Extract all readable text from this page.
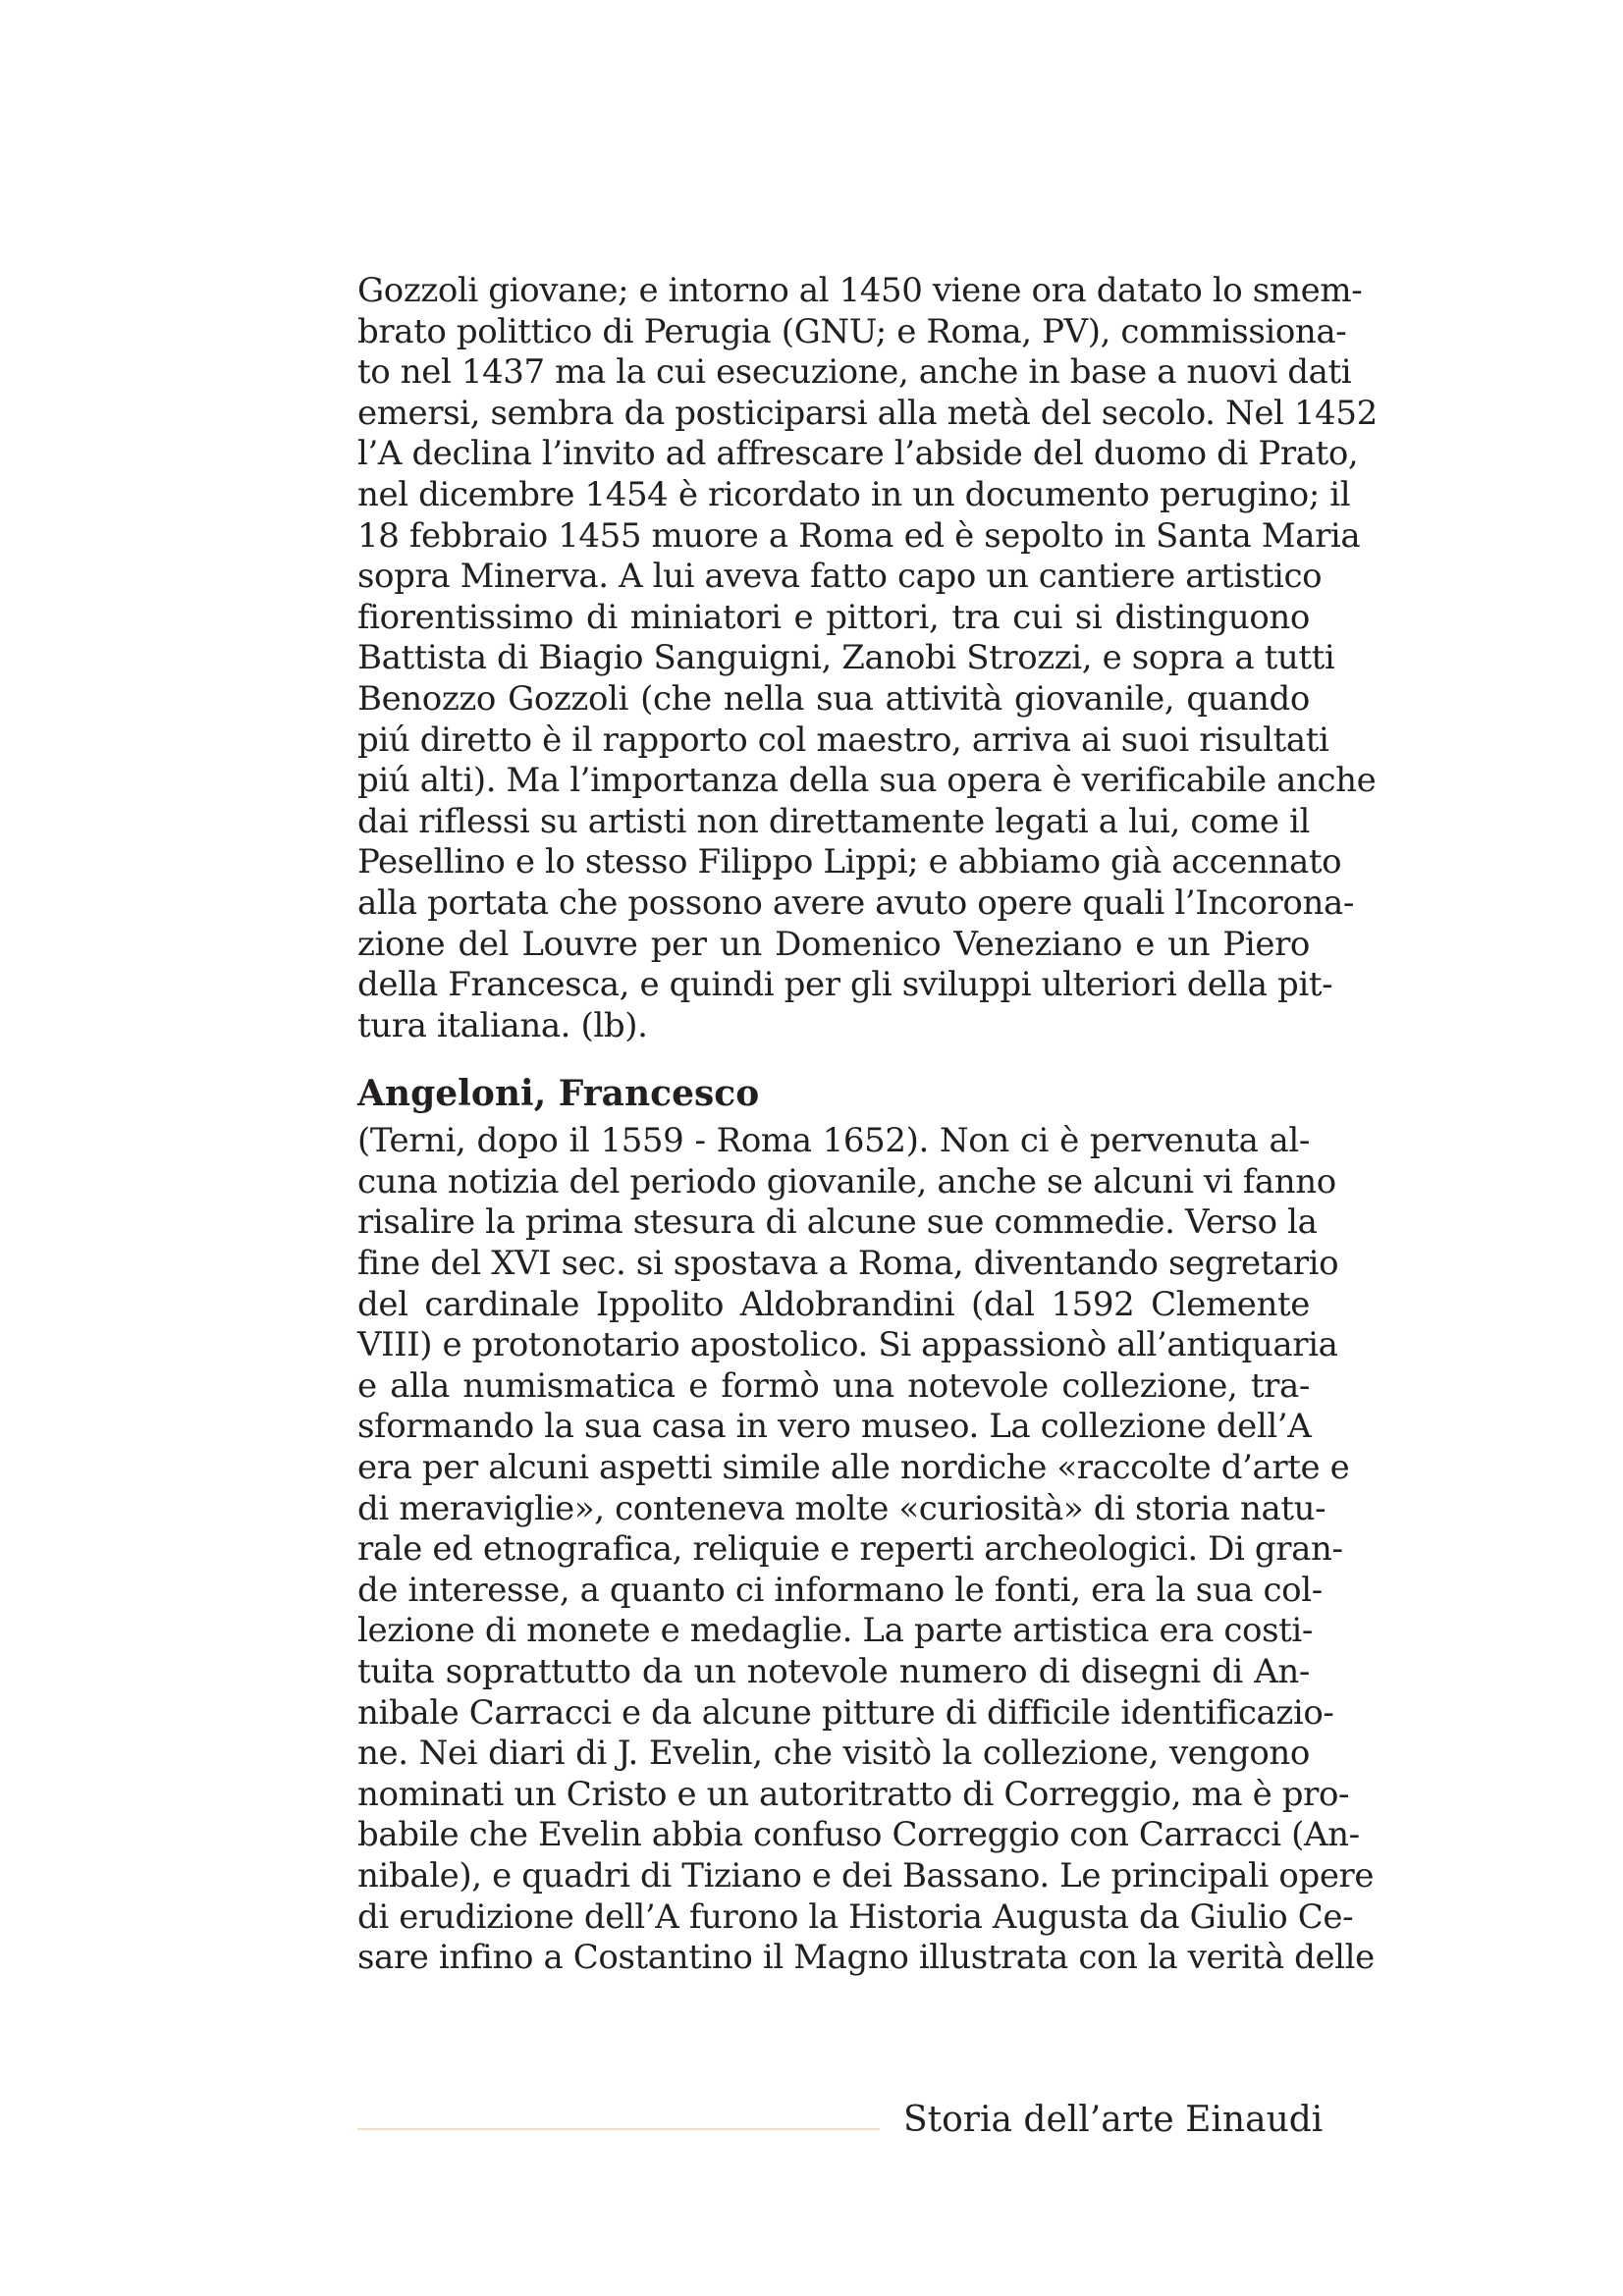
Gozzoli giovane; e intorno al 1450 viene ora datato lo smem-
brato polittico di Perugia (GNU; e Roma, PV), commissiona-
to nel 1437 ma la cui esecuzione, anche in base a nuovi dati
emersi, sembra da posticiparsi alla metà del secolo. Nel 1452
l’A declina l’invito ad affrescare l’abside del duomo di Prato,
nel dicembre 1454 è ricordato in un documento perugino; il
18 febbraio 1455 muore a Roma ed è sepolto in Santa Maria
sopra Minerva. A lui aveva fatto capo un cantiere artistico
fiorentissimo di miniatori e pittori, tra cui si distinguono
Battista di Biagio Sanguigni, Zanobi Strozzi, e sopra a tutti
Benozzo Gozzoli (che nella sua attività giovanile, quando
piú diretto è il rapporto col maestro, arriva ai suoi risultati
piú alti). Ma l’importanza della sua opera è verificabile anche
dai riflessi su artisti non direttamente legati a lui, come il
Pesellino e lo stesso Filippo Lippi; e abbiamo già accennato
alla portata che possono avere avuto opere quali l’Incorona-
zione del Louvre per un Domenico Veneziano e un Piero
della Francesca, e quindi per gli sviluppi ulteriori della pit-
tura italiana. (lb).
Angeloni, Francesco
(Terni, dopo il 1559 - Roma 1652). Non ci è pervenuta al-
cuna notizia del periodo giovanile, anche se alcuni vi fanno
risalire la prima stesura di alcune sue commedie. Verso la
fine del XVI sec. si spostava a Roma, diventando segretario
del cardinale Ippolito Aldobrandini (dal 1592 Clemente
VIII) e protonotario apostolico. Si appassionò all’antiquaria
e alla numismatica e formò una notevole collezione, tra-
sformando la sua casa in vero museo. La collezione dell’A
era per alcuni aspetti simile alle nordiche «raccolte d’arte e
di meraviglie», conteneva molte «curiosità» di storia natu-
rale ed etnografica, reliquie e reperti archeologici. Di gran-
de interesse, a quanto ci informano le fonti, era la sua col-
lezione di monete e medaglie. La parte artistica era costi-
tuita soprattutto da un notevole numero di disegni di An-
nibale Carracci e da alcune pitture di difficile identificazio-
ne. Nei diari di J. Evelin, che visitò la collezione, vengono
nominati un Cristo e un autoritratto di Correggio, ma è pro-
babile che Evelin abbia confuso Correggio con Carracci (An-
nibale), e quadri di Tiziano e dei Bassano. Le principali opere
di erudizione dell’A furono la Historia Augusta da Giulio Ce-
sare infino a Costantino il Magno illustrata con la verità delle
Storia dell’arte Einaudi
